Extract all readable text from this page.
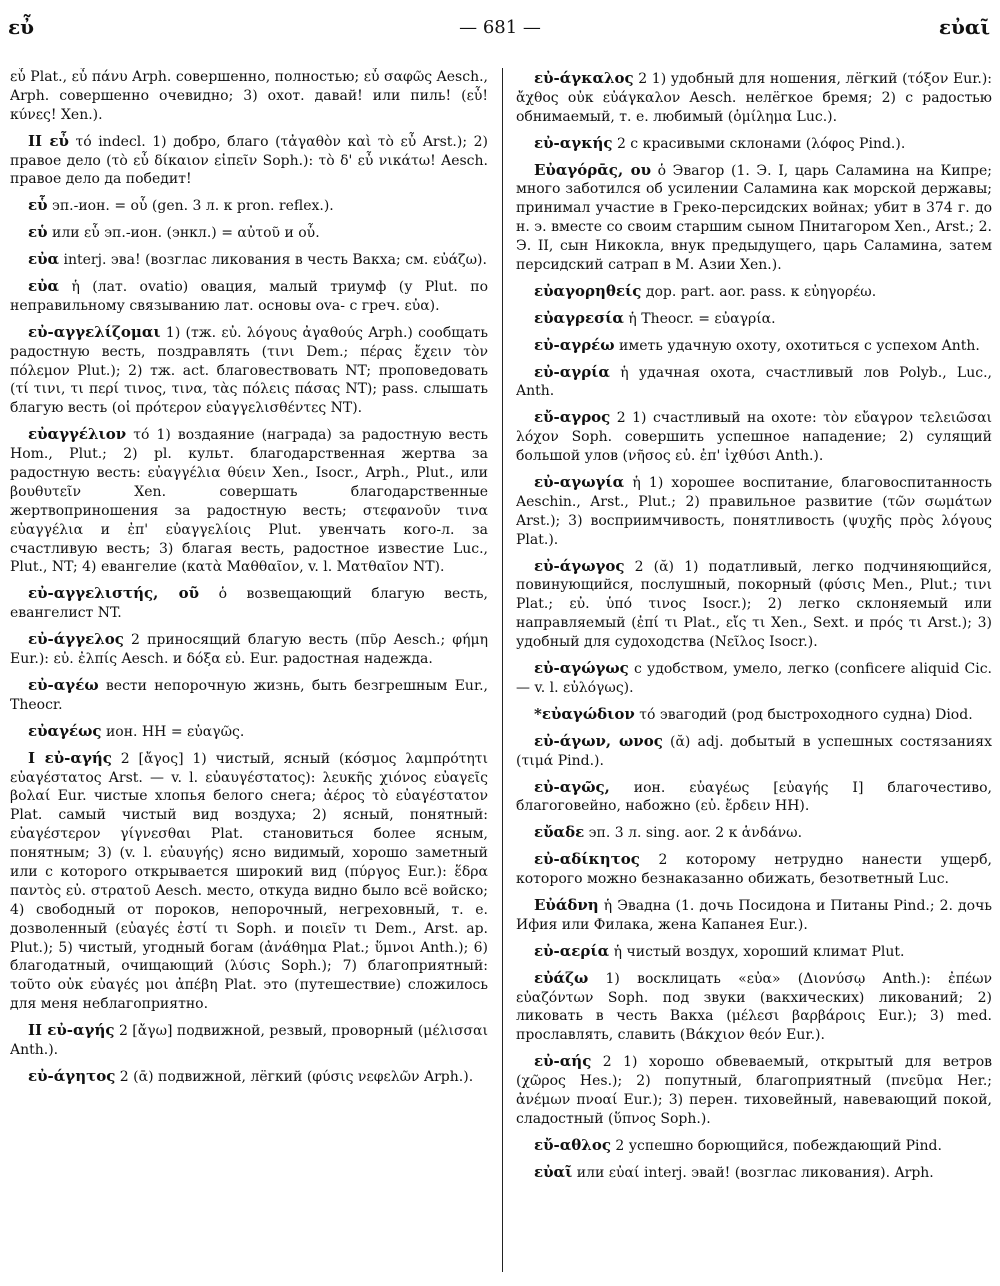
εὖ	— 681 —	εὐαῖ

εὖ Plat., εὖ πάνυ Arph. совершенно, полностью; εὖ σαφῶς Aesch., Arph. совершенно очевидно; 3) охот. давай! или пиль! (εὖ! κύνες! Xen.).

II εὖ τό indecl. 1) добро, благо (τἀγαθὸν καὶ τὸ εὖ Arst.); 2) правое дело (τὸ εὖ δίκαιον εἰπεῖν Soph.): τὸ δ' εὖ νικάτω! Aesch. правое дело да победит!

εὗ эп.-ион. = οὗ (gen. 3 л. к pron. reflex.).

εὑ или εὗ эп.-ион. (энкл.) = αὐτοῦ и οὗ.

εὐα interj. эва! (возглас ликования в честь Вакха; см. εὐάζω).

εὐα ἡ (лат. ovatio) овация, малый триумф (у Plut. по неправильному связыванию лат. основы ova- с греч. εὐα).

εὐ-αγγελίζομαι 1) (тж. εὐ. λόγους ἀγαθούς Arph.) сообщать радостную весть, поздравлять (τινι Dem.; πέρας ἔχειν τὸν πόλεμον Plut.); 2) тж. act. благовествовать NT; проповедовать (τί τινι, τι περί τινος, τινα, τὰς πόλεις πάσας NT); pass. слышать благую весть (οἱ πρότερον εὐαγγελισθέντες NT).

εὐαγγέλιον τό 1) воздаяние (награда) за радостную весть Hom., Plut.; 2) pl. культ. благодарственная жертва за радостную весть: εὐαγγέλια θύειν Xen., Isocr., Arph., Plut., или βουθυτεῖν Xen. совершать благодарственные жертвоприношения за радостную весть; στεφανοῦν τινα εὐαγγέλια и ἐπ' εὐαγγελίοις Plut. увенчать кого-л. за счастливую весть; 3) благая весть, радостное известие Luc., Plut., NT; 4) евангелие (κατὰ Μαθθαῖον, v. l. Ματθαῖον NT).

εὐ-αγγελιστής, οῦ ὁ возвещающий благую весть, евангелист NT.

εὐ-άγγελος 2 приносящий благую весть (πῦρ Aesch.; φήμη Eur.): εὐ. ἐλπίς Aesch. и δόξα εὐ. Eur. радостная надежда.

εὐ-αγέω вести непорочную жизнь, быть безгрешным Eur., Theocr.

εὐαγέως ион. HH = εὐαγῶς.

I εὐ-αγής 2 [ἄγος] 1) чистый, ясный (κόσμος λαμπρότητι εὐαγέστατος Arst. — v. l. εὐαυγέστατος): λευκῆς χιόνος εὐαγεῖς βολαί Eur. чистые хлопья белого снега; ἀέρος τὸ εὐαγέστατον Plat. самый чистый вид воздуха; 2) ясный, понятный: εὐαγέστερον γίγνεσθαι Plat. становиться более ясным, понятным; 3) (v. l. εὐαυγής) ясно видимый, хорошо заметный или с которого открывается широкий вид (πύργος Eur.): ἕδρα παντὸς εὐ. στρατοῦ Aesch. место, откуда видно было всё войско; 4) свободный от пороков, непорочный, негреховный, т. е. дозволенный (εὐαγές ἐστί τι Soph. и ποιεῖν τι Dem., Arst. ap. Plut.); 5) чистый, угодный богам (ἀνάθημα Plat.; ὕμνοι Anth.); 6) благодатный, очищающий (λύσις Soph.); 7) благоприятный: τοῦτο οὐκ εὐαγές μοι ἀπέβη Plat. это (путешествие) сложилось для меня неблагоприятно.

II εὐ-αγής 2 [ἄγω] подвижной, резвый, проворный (μέλισσαι Anth.).

εὐ-άγητος 2 (ᾱ) подвижной, лёгкий (φύσις νεφελῶν Arph.).

εὐ-άγκαλος 2 1) удобный для ношения, лёгкий (τόξον Eur.): ἄχθος οὐκ εὐάγκαλον Aesch. нелёгкое бремя; 2) с радостью обнимаемый, т. е. любимый (ὁμίλημα Luc.).

εὐ-αγκής 2 с красивыми склонами (λόφος Pind.).

Εὐαγόρᾱς, ου ὁ Эвагор (1. Э. I, царь Саламина на Кипре; много заботился об усилении Саламина как морской державы; принимал участие в Греко-персидских войнах; убит в 374 г. до н. э. вместе со своим старшим сыном Пнитагором Xen., Arst.; 2. Э. II, сын Никокла, внук предыдущего, царь Саламина, затем персидский сатрап в М. Азии Xen.).

εὐαγορηθείς дор. part. aor. pass. к εὐηγορέω.

εὐαγρεσία ἡ Theocr. = εὐαγρία.

εὐ-αγρέω иметь удачную охоту, охотиться с успехом Anth.

εὐ-αγρία ἡ удачная охота, счастливый лов Polyb., Luc., Anth.

εὔ-αγρος 2 1) счастливый на охоте: τὸν εὔαγρον τελειῶσαι λόχον Soph. совершить успешное нападение; 2) сулящий большой улов (νῆσος εὐ. ἐπ' ἰχθύσι Anth.).

εὐ-αγωγία ἡ 1) хорошее воспитание, благовоспитанность Aeschin., Arst., Plut.; 2) правильное развитие (τῶν σωμάτων Arst.); 3) восприимчивость, понятливость (ψυχῆς πρὸς λόγους Plat.).

εὐ-άγωγος 2 (ᾰ) 1) податливый, легко подчиняющийся, повинующийся, послушный, покорный (φύσις Men., Plut.; τινι Plat.; εὐ. ὑπό τινος Isocr.); 2) легко склоняемый или направляемый (ἐπί τι Plat., εἴς τι Xen., Sext. и πρός τι Arst.); 3) удобный для судоходства (Νεῖλος Isocr.).

εὐ-αγώγως с удобством, умело, легко (conficere aliquid Cic. — v. l. εὐλόγως).

*εὐαγώδιον τό эвагодий (род быстроходного судна) Diod.

εὐ-άγων, ωνος (ᾰ) adj. добытый в успешных состязаниях (τιμά Pind.).

εὐ-αγῶς, ион. εὐαγέως [εὐαγής I] благочестиво, благоговейно, набожно (εὐ. ἔρδειν HH).

εὔαδε эп. 3 л. sing. aor. 2 к ἁνδάνω.

εὐ-αδίκητος 2 которому нетрудно нанести ущерб, которого можно безнаказанно обижать, безответный Luc.

Εὐάδνη ἡ Эвадна (1. дочь Посидона и Питаны Pind.; 2. дочь Ифия или Филака, жена Капанея Eur.).

εὐ-αερία ἡ чистый воздух, хороший климат Plut.

εὐάζω 1) восклицать «εὐα» (Διονύσῳ Anth.): ἐπέων εὐαζόντων Soph. под звуки (вакхических) ликований; 2) ликовать в честь Вакха (μέλεσι βαρβάροις Eur.); 3) med. прославлять, славить (Βάκχιον θεόν Eur.).

εὐ-αής 2 1) хорошо обвеваемый, открытый для ветров (χῶρος Hes.); 2) попутный, благоприятный (πνεῦμα Her.; ἀνέμων πνοαί Eur.); 3) перен. тиховейный, навевающий покой, сладостный (ὕπνος Soph.).

εὔ-αθλος 2 успешно борющийся, побеждающий Pind.

εὐαῖ или εὐαί interj. эвай! (возглас ликования). Arph.
